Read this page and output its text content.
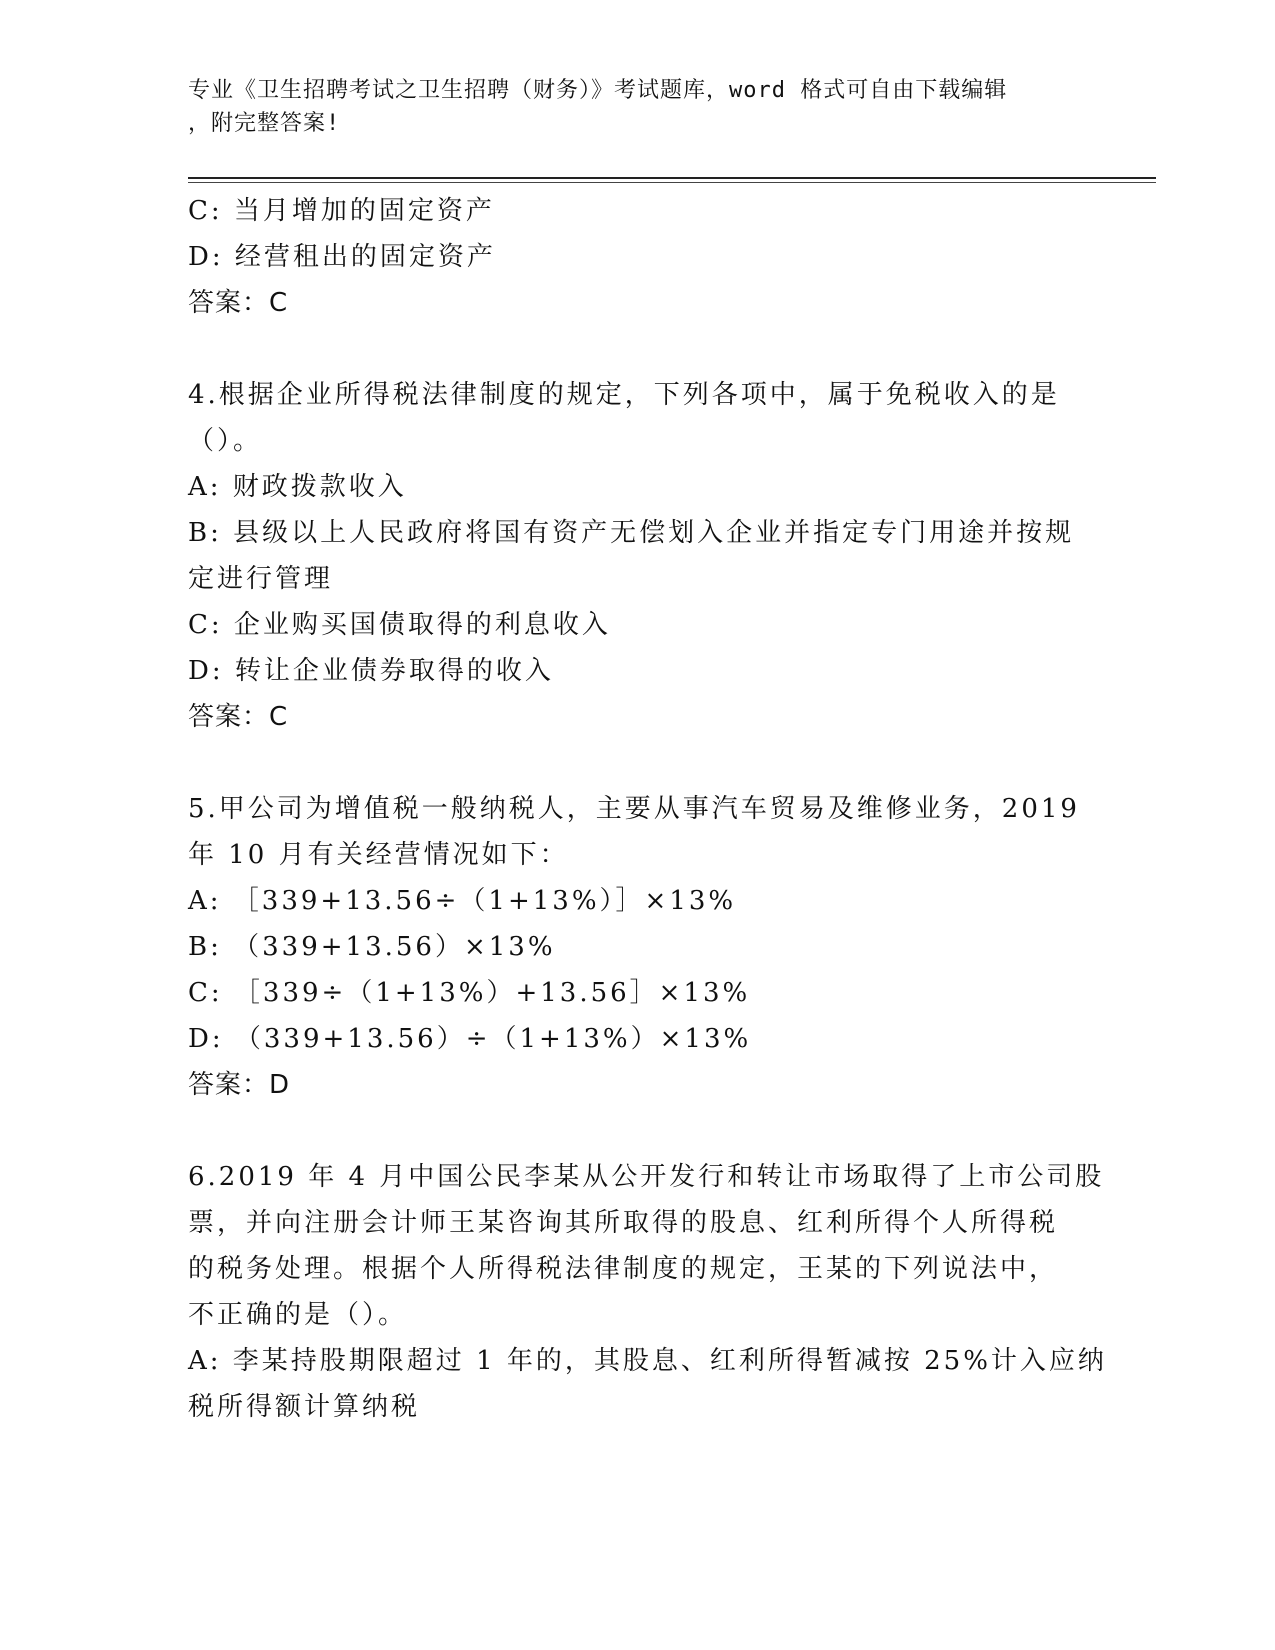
专业《卫生招聘考试之卫生招聘（财务）》考试题库，word 格式可自由下载编辑
，附完整答案!
C: 当月增加的固定资产
D: 经营租出的固定资产
答案：C
4.根据企业所得税法律制度的规定，下列各项中，属于免税收入的是
（）。
A: 财政拨款收入
B: 县级以上人民政府将国有资产无偿划入企业并指定专门用途并按规
定进行管理
C: 企业购买国债取得的利息收入
D: 转让企业债券取得的收入
答案：C
5.甲公司为增值税一般纳税人，主要从事汽车贸易及维修业务，2019
年 10 月有关经营情况如下：
A: ［339+13.56÷（1+13%）］×13%
B: （339+13.56）×13%
C: ［339÷（1+13%）+13.56］×13%
D: （339+13.56）÷（1+13%）×13%
答案：D
6.2019 年 4 月中国公民李某从公开发行和转让市场取得了上市公司股
票，并向注册会计师王某咨询其所取得的股息、红利所得个人所得税
的税务处理。根据个人所得税法律制度的规定，王某的下列说法中，
不正确的是（）。
A: 李某持股期限超过 1 年的，其股息、红利所得暂减按 25%计入应纳
税所得额计算纳税
